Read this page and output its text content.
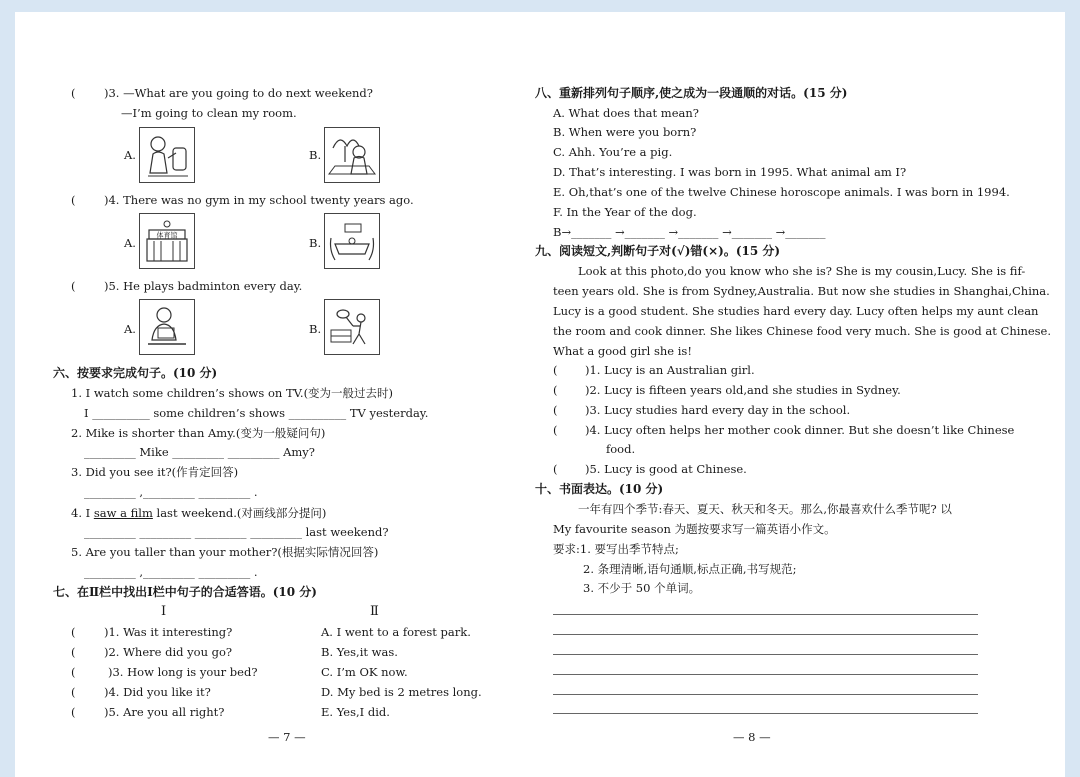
( )3. —What are you going to do next weekend?
—I’m going to clean my room.
A.	B.
( )4. There was no gym in my school twenty years ago.
A.
体育馆
B.
( )5. He plays badminton every day.
A.	B.
六、按要求完成句子。(10 分)
1. I watch some children’s shows on TV.(变为一般过去时)
I __________ some children’s shows __________ TV yesterday.
2. Mike is shorter than Amy.(变为一般疑问句)
_________ Mike _________ _________ Amy?
3. Did you see it?(作肯定回答)
_________ ,_________ _________ .
4. I saw a film last weekend.(对画线部分提问)
_________ _________ _________ _________ last weekend?
5. Are you taller than your mother?(根据实际情况回答)
_________ ,_________ _________ .
七、在Ⅱ栏中找出Ⅰ栏中句子的合适答语。(10 分)
Ⅰ	Ⅱ
( )1. Was it interesting?	A. I went to a forest park.
( )2. Where did you go?	B. Yes,it was.
(	)3. How long is your bed?	C. I’m OK now.
( )4. Did you like it?	D. My bed is 2 metres long.
( )5. Are you all right?	E. Yes,I did.
— 7 —
八、重新排列句子顺序,使之成为一段通顺的对话。(15 分)
A. What does that mean?
B. When were you born?
C. Ahh. You’re a pig.
D. That’s interesting. I was born in 1995. What animal am I?
E. Oh,that’s one of the twelve Chinese horoscope animals. I was born in 1994.
F. In the Year of the dog.
B→_______ →_______ →_______ →_______ →_______
九、阅读短文,判断句子对(√)错(×)。(15 分)
Look at this photo,do you know who she is? She is my cousin,Lucy. She is fif-
teen years old. She is from Sydney,Australia. But now she studies in Shanghai,China.
Lucy is a good student. She studies hard every day. Lucy often helps my aunt clean
the room and cook dinner. She likes Chinese food very much. She is good at Chinese.
What a good girl she is!
( )1. Lucy is an Australian girl.
( )2. Lucy is fifteen years old,and she studies in Sydney.
( )3. Lucy studies hard every day in the school.
( )4. Lucy often helps her mother cook dinner. But she doesn’t like Chinese
food.
( )5. Lucy is good at Chinese.
十、书面表达。(10 分)
一年有四个季节:春天、夏天、秋天和冬天。那么,你最喜欢什么季节呢? 以
My favourite season 为题按要求写一篇英语小作文。
要求:1. 要写出季节特点;
2. 条理清晰,语句通顺,标点正确,书写规范;
3. 不少于 50 个单词。
— 8 —
